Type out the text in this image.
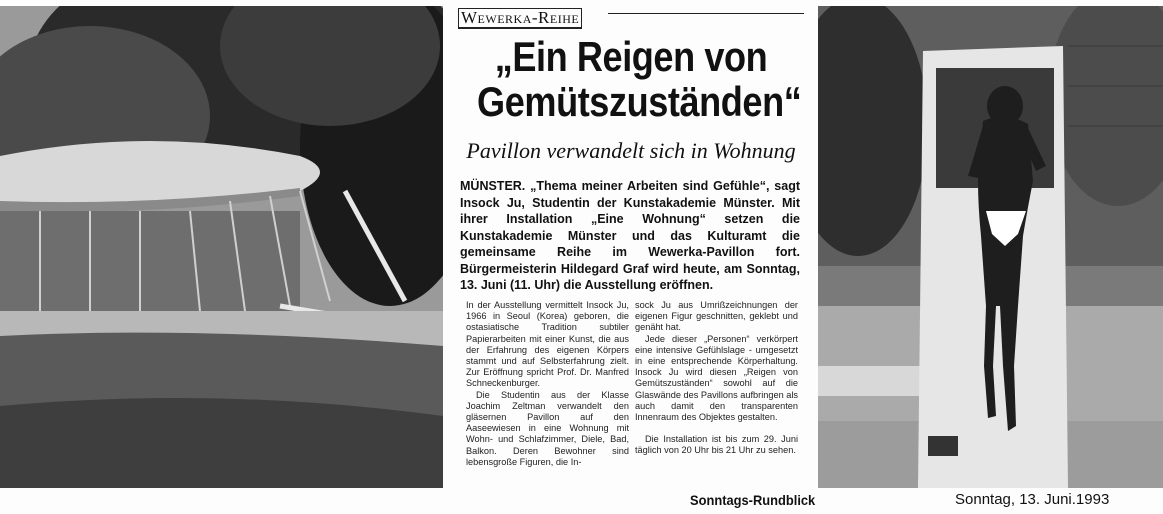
Wewerka-Reihe
„Ein Reigen von
Gemütszuständen“
Pavillon verwandelt sich in Wohnung

MÜNSTER. „Thema meiner Arbeiten sind Gefühle“, sagt Insock Ju, Studentin der Kunstakademie Münster. Mit ihrer Installation „Eine Wohnung“ setzen die Kunstakademie Münster und das Kulturamt die gemeinsame Reihe im Wewerka-Pavillon fort. Bürgermeisterin Hildegard Graf wird heute, am Sonntag, 13. Juni (11. Uhr) die Ausstellung eröffnen.

In der Ausstellung vermittelt Insock Ju, 1966 in Seoul (Korea) geboren, die ostasiatische Tradition subtiler Papierarbeiten mit einer Kunst, die aus der Erfahrung des eigenen Körpers stammt und auf Selbsterfahrung zielt. Zur Eröffnung spricht Prof. Dr. Manfred Schneckenburger.

Die Studentin aus der Klasse Joachim Zeltman verwandelt den gläsernen Pavillon auf den Aaseewiesen in eine Wohnung mit Wohn- und Schlafzimmer, Diele, Bad, Balkon. Deren Bewohner sind lebensgroße Figuren, die In-

sock Ju aus Umrißzeichnungen der eigenen Figur geschnitten, geklebt und genäht hat.

Jede dieser „Personen“ verkörpert eine intensive Gefühlslage - umgesetzt in eine entsprechende Körperhaltung. Insock Ju wird diesen „Reigen von Gemütszuständen“ sowohl auf die Glaswände des Pavillons aufbringen als auch damit den transparenten Innenraum des Objektes gestalten.

Die Installation ist bis zum 29. Juni täglich von 20 Uhr bis 21 Uhr zu sehen.

Sonntags-Rundblick	Sonntag, 13. Juni.1993
